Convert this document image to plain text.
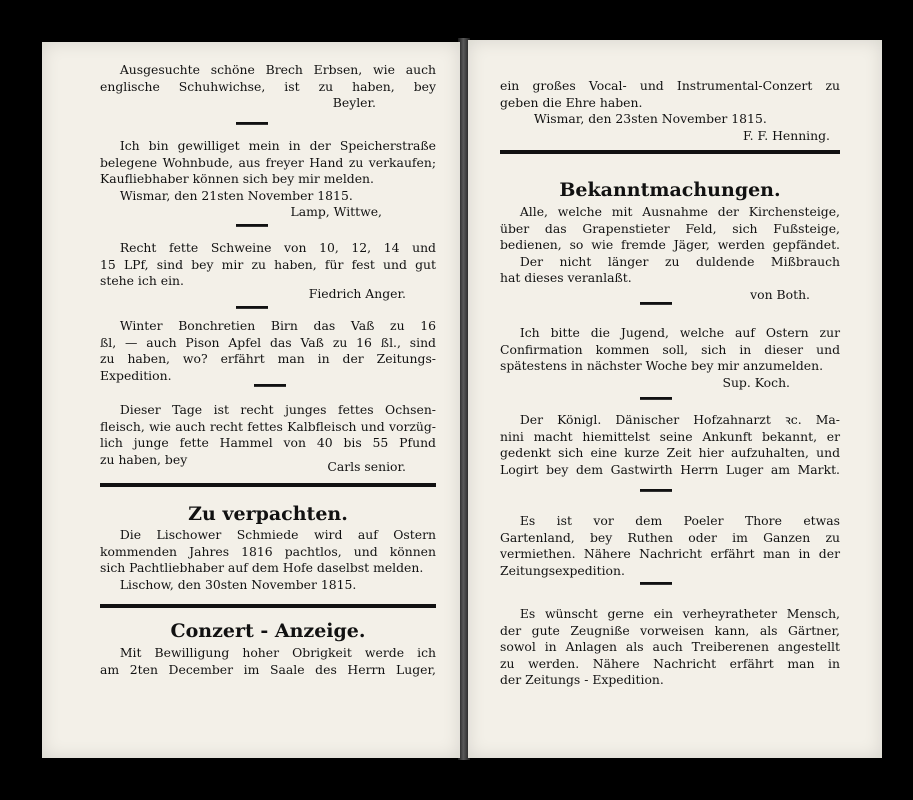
Ausgesuchte schöne Brech Erbsen, wie auch

englische Schuhwichse, ist zu haben, bey

Beyler.

Ich bin gewilliget mein in der Speicherstraße

belegene Wohnbude, aus freyer Hand zu verkaufen;

Kaufliebhaber können sich bey mir melden.

Wismar, den 21sten November 1815.

Lamp, Wittwe,

Recht fette Schweine von 10, 12, 14 und

15 LPf, sind bey mir zu haben, für fest und gut

stehe ich ein.

Fiedrich Anger.

Winter Bonchretien Birn das Vaß zu 16

ßl, — auch Pison Apfel das Vaß zu 16 ßl., sind

zu haben, wo? erfährt man in der Zeitungs-

Expedition.

Dieser Tage ist recht junges fettes Ochsen-

fleisch, wie auch recht fettes Kalbfleisch und vorzüg-

lich junge fette Hammel von 40 bis 55 Pfund

zu haben, bey	Carls senior.

Zu verpachten.

Die Lischower Schmiede wird auf Ostern

kommenden Jahres 1816 pachtlos, und können

sich Pachtliebhaber auf dem Hofe daselbst melden.

Lischow, den 30sten November 1815.

Conzert - Anzeige.

Mit Bewilligung hoher Obrigkeit werde ich

am 2ten December im Saale des Herrn Luger,

ein großes Vocal- und Instrumental-Conzert zu

geben die Ehre haben.

Wismar, den 23sten November 1815.

F. F. Henning.

Bekanntmachungen.

Alle, welche mit Ausnahme der Kirchensteige,

über das Grapenstieter Feld, sich Fußsteige,

bedienen, so wie fremde Jäger, werden gepfändet.

Der nicht länger zu duldende Mißbrauch

hat dieses veranlaßt.

von Both.

Ich bitte die Jugend, welche auf Ostern zur

Confirmation kommen soll, sich in dieser und

spätestens in nächster Woche bey mir anzumelden.

Sup. Koch.

Der Königl. Dänischer Hofzahnarzt ꝛc. Ma-

nini macht hiemittelst seine Ankunft bekannt, er

gedenkt sich eine kurze Zeit hier aufzuhalten, und

Logirt bey dem Gastwirth Herrn Luger am Markt.

Es ist vor dem Poeler Thore etwas

Gartenland, bey Ruthen oder im Ganzen zu

vermiethen. Nähere Nachricht erfährt man in der

Zeitungsexpedition.

Es wünscht gerne ein verheyratheter Mensch,

der gute Zeugniße vorweisen kann, als Gärtner,

sowol in Anlagen als auch Treiberenen angestellt

zu werden. Nähere Nachricht erfährt man in

der Zeitungs - Expedition.
